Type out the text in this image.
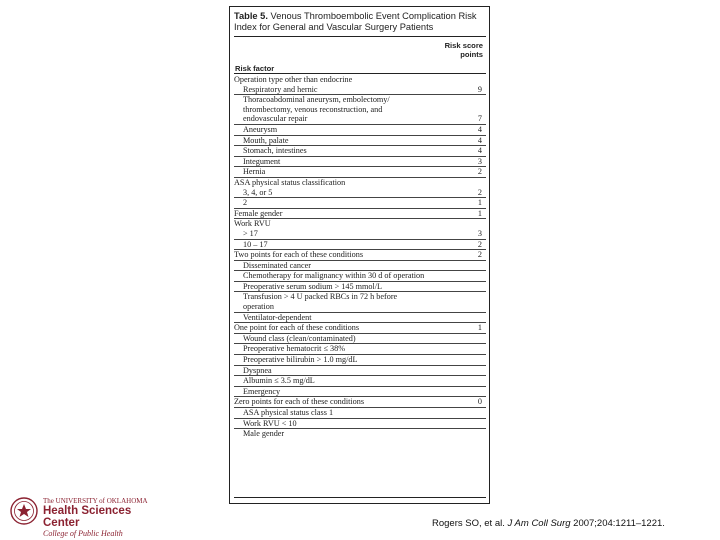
Table 5. Venous Thromboembolic Event Complication Risk Index for General and Vascular Surgery Patients
Risk score points
Risk factor
Operation type other than endocrine
Respiratory and hernic	9
Thoracoabdominal aneurysm, embolectomy/
thrombectomy, venous reconstruction, and
endovascular repair	7
Aneurysm	4
Mouth, palate	4
Stomach, intestines	4
Integument	3
Hernia	2
ASA physical status classification
3, 4, or 5	2
2	1
Female gender	1
Work RVU
> 17	3
10 – 17	2
Two points for each of these conditions	2
Disseminated cancer
Chemotherapy for malignancy within 30 d of operation
Preoperative serum sodium > 145 mmol/L
Transfusion > 4 U packed RBCs in 72 h before
operation
Ventilator-dependent
One point for each of these conditions	1
Wound class (clean/contaminated)
Preoperative hematocrit ≤ 38%
Preoperative bilirubin > 1.0 mg/dL
Dyspnea
Albumin ≤ 3.5 mg/dL
Emergency
Zero points for each of these conditions	0
ASA physical status class 1
Work RVU < 10
Male gender
The UNIVERSITY of OKLAHOMA
Health Sciences Center
College of Public Health
Rogers SO, et al. J Am Coll Surg 2007;204:1211–1221.
